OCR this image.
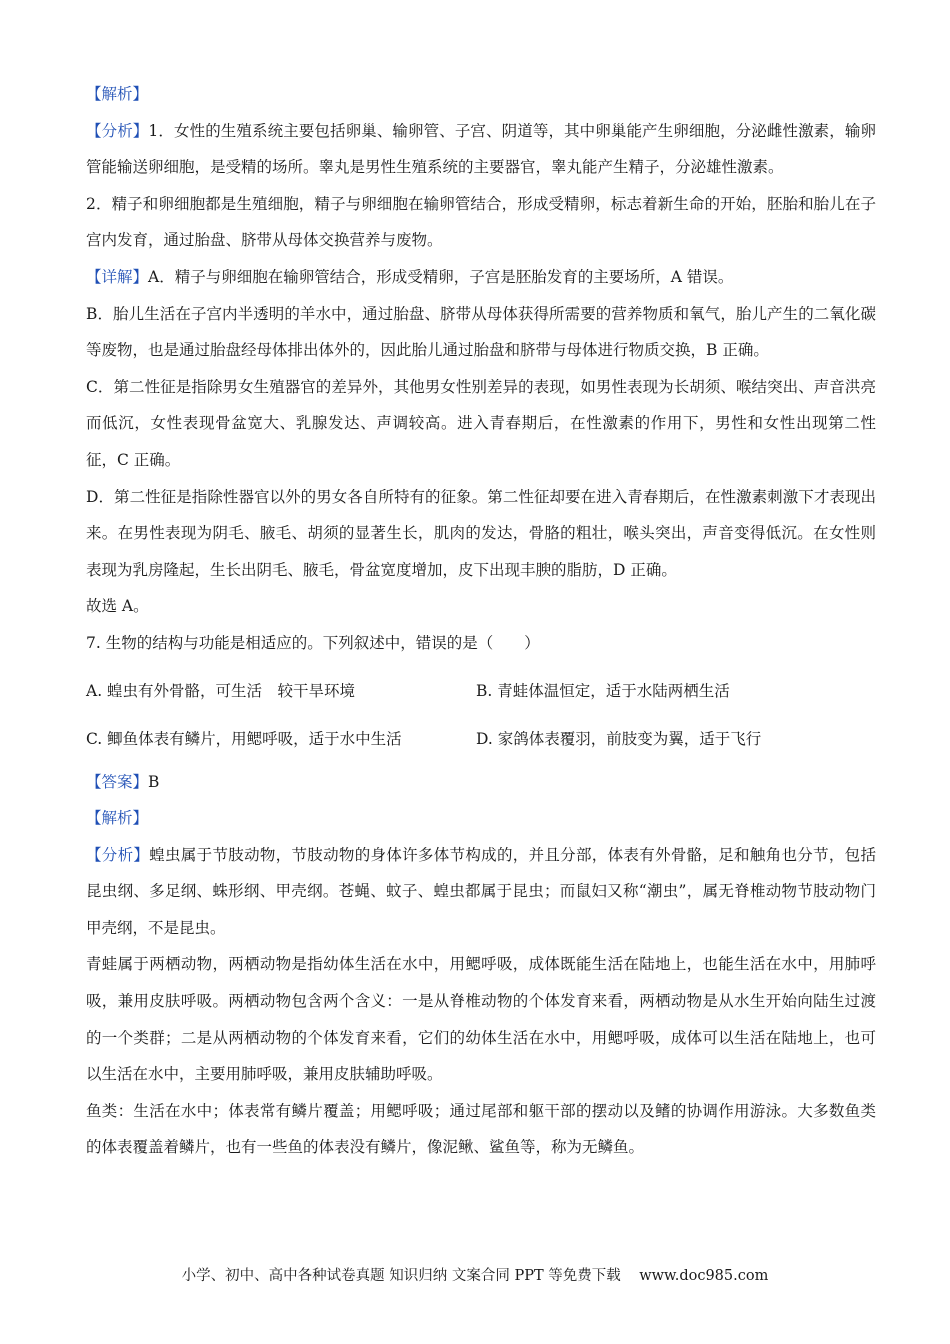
【解析】

【分析】1．女性的生殖系统主要包括卵巢、输卵管、子宫、阴道等，其中卵巢能产生卵细胞，分泌雌性激素，输卵管能输送卵细胞，是受精的场所。睾丸是男性生殖系统的主要器官，睾丸能产生精子，分泌雄性激素。

2．精子和卵细胞都是生殖细胞，精子与卵细胞在输卵管结合，形成受精卵，标志着新生命的开始，胚胎和胎儿在子宫内发育，通过胎盘、脐带从母体交换营养与废物。

【详解】A．精子与卵细胞在输卵管结合，形成受精卵，子宫是胚胎发育的主要场所，A 错误。

B．胎儿生活在子宫内半透明的羊水中，通过胎盘、脐带从母体获得所需要的营养物质和氧气，胎儿产生的二氧化碳等废物，也是通过胎盘经母体排出体外的，因此胎儿通过胎盘和脐带与母体进行物质交换，B 正确。

C．第二性征是指除男女生殖器官的差异外，其他男女性别差异的表现，如男性表现为长胡须、喉结突出、声音洪亮而低沉，女性表现骨盆宽大、乳腺发达、声调较高。进入青春期后，在性激素的作用下，男性和女性出现第二性征，C 正确。

D．第二性征是指除性器官以外的男女各自所特有的征象。第二性征却要在进入青春期后，在性激素刺激下才表现出来。在男性表现为阴毛、腋毛、胡须的显著生长，肌肉的发达，骨胳的粗壮，喉头突出，声音变得低沉。在女性则表现为乳房隆起，生长出阴毛、腋毛，骨盆宽度增加，皮下出现丰腴的脂肪，D 正确。

故选 A。

7. 生物的结构与功能是相适应的。下列叙述中，错误的是（　　）

A. 蝗虫有外骨骼，可生活　较干旱环境	B. 青蛙体温恒定，适于水陆两栖生活
C. 鲫鱼体表有鳞片，用鳃呼吸，适于水中生活	D. 家鸽体表覆羽，前肢变为翼，适于飞行

【答案】B

【解析】

【分析】蝗虫属于节肢动物，节肢动物的身体许多体节构成的，并且分部，体表有外骨骼，足和触角也分节，包括昆虫纲、多足纲、蛛形纲、甲壳纲。苍蝇、蚊子、蝗虫都属于昆虫；而鼠妇又称“潮虫”，属无脊椎动物节肢动物门甲壳纲，不是昆虫。

青蛙属于两栖动物，两栖动物是指幼体生活在水中，用鳃呼吸，成体既能生活在陆地上，也能生活在水中，用肺呼吸，兼用皮肤呼吸。两栖动物包含两个含义：一是从脊椎动物的个体发育来看，两栖动物是从水生开始向陆生过渡的一个类群；二是从两栖动物的个体发育来看，它们的幼体生活在水中，用鳃呼吸，成体可以生活在陆地上，也可以生活在水中，主要用肺呼吸，兼用皮肤辅助呼吸。

鱼类：生活在水中；体表常有鳞片覆盖；用鳃呼吸；通过尾部和躯干部的摆动以及鳍的协调作用游泳。大多数鱼类的体表覆盖着鳞片，也有一些鱼的体表没有鳞片，像泥鳅、鲨鱼等，称为无鳞鱼。

小学、初中、高中各种试卷真题 知识归纳 文案合同 PPT 等免费下载 www.doc985.com
